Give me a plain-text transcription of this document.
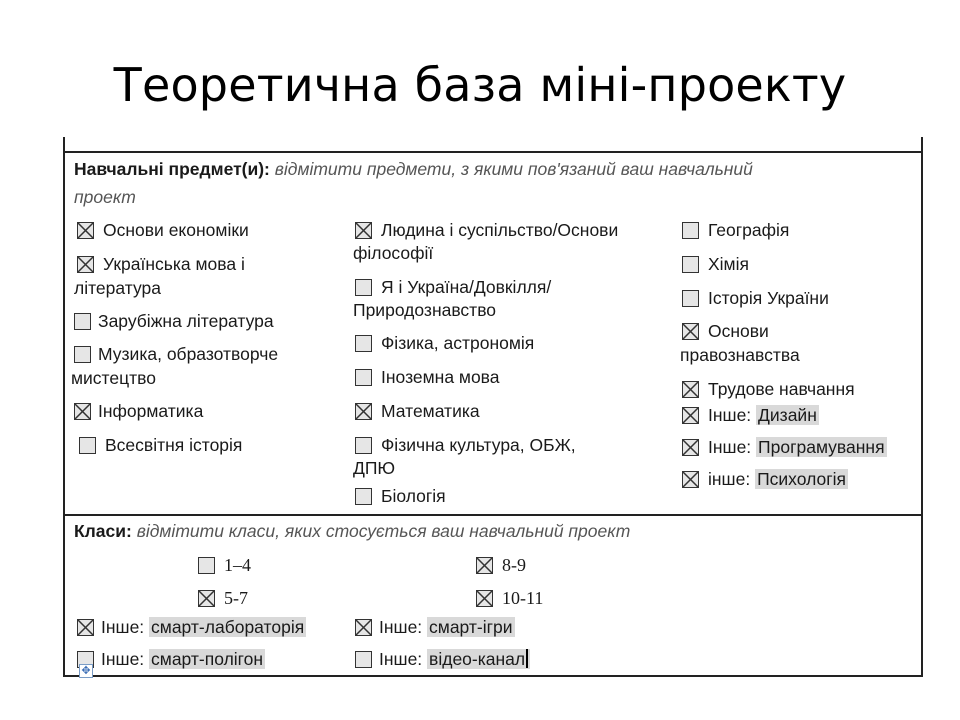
Теоретична база міні-проекту
Навчальні предмет(и): відмітити предмети, з якими пов'язаний ваш навчальний
проект
Основи економіки
Українська мова і
література
Зарубіжна література
Музика, образотворче
мистецтво
Інформатика
Всесвітня історія
Людина і суспільство/Основи
філософії
Я і Україна/Довкілля/
Природознавство
Фізика, астрономія
Іноземна мова
Математика
Фізична культура, ОБЖ,
ДПЮ
Біологія
Географія
Хімія
Історія України
Основи
правознавства
Трудове навчання
Інше: Дизайн
Інше: Програмування
інше: Психологія
Класи: відмітити класи, яких стосується ваш навчальний проект
1–4
5-7
8-9
10-11
Інше: смарт-лабораторія	Інше: смарт-ігри
Інше: смарт-полігон	Інше: відео-канал
✥
